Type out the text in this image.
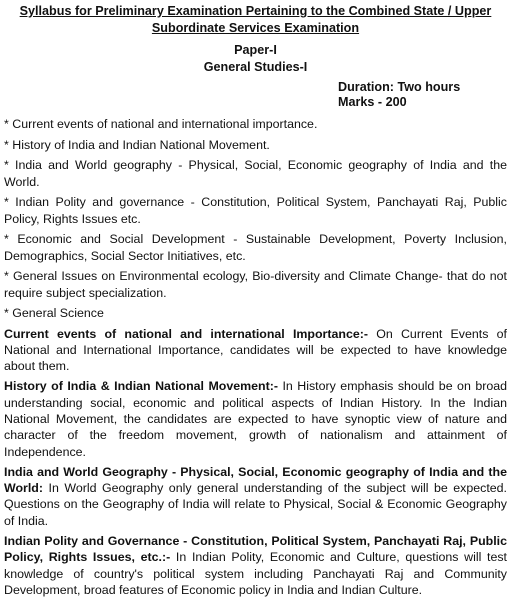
Syllabus for Preliminary Examination Pertaining to the Combined State / Upper
Subordinate Services Examination
Paper-I
General Studies-I
Duration: Two hours
Marks - 200
* Current events of national and international importance.
* History of India and Indian National Movement.
* India and World geography - Physical, Social, Economic geography of India and the World.
* Indian Polity and governance - Constitution, Political System, Panchayati Raj, Public Policy, Rights Issues etc.
* Economic and Social Development - Sustainable Development, Poverty Inclusion, Demographics, Social Sector Initiatives, etc.
* General Issues on Environmental ecology, Bio-diversity and Climate Change- that do not require subject specialization.
* General Science
Current events of national and international Importance:- On Current Events of National and International Importance, candidates will be expected to have knowledge about them.
History of India & Indian National Movement:- In History emphasis should be on broad understanding social, economic and political aspects of Indian History. In the Indian National Movement, the candidates are expected to have synoptic view of nature and character of the freedom movement, growth of nationalism and attainment of Independence.
India and World Geography - Physical, Social, Economic geography of India and the World: In World Geography only general understanding of the subject will be expected. Questions on the Geography of India will relate to Physical, Social & Economic Geography of India.
Indian Polity and Governance - Constitution, Political System, Panchayati Raj, Public Policy, Rights Issues, etc.:- In Indian Polity, Economic and Culture, questions will test knowledge of country's political system including Panchayati Raj and Community Development, broad features of Economic policy in India and Indian Culture.
